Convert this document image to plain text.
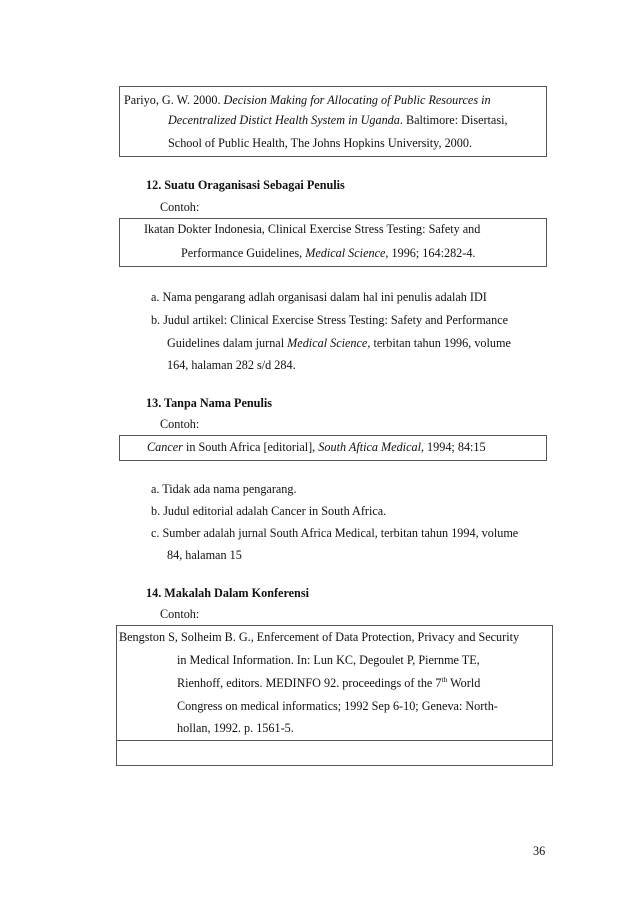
Pariyo, G. W. 2000. Decision Making for Allocating of Public Resources in
Decentralized Distict Health System in Uganda. Baltimore: Disertasi,
School of Public Health, The Johns Hopkins University, 2000.
12. Suatu Oraganisasi Sebagai Penulis
Contoh:
Ikatan Dokter Indonesia, Clinical Exercise Stress Testing: Safety and
Performance Guidelines, Medical Science, 1996; 164:282-4.
a. Nama pengarang adlah organisasi dalam hal ini penulis adalah IDI
b. Judul artikel: Clinical Exercise Stress Testing: Safety and Performance
Guidelines dalam jurnal Medical Science, terbitan tahun 1996, volume
164, halaman 282 s/d 284.
13. Tanpa Nama Penulis
Contoh:
Cancer in South Africa [editorial], South Aftica Medical, 1994; 84:15
a. Tidak ada nama pengarang.
b. Judul editorial adalah Cancer in South Africa.
c. Sumber adalah jurnal South Africa Medical, terbitan tahun 1994, volume
84, halaman 15
14. Makalah Dalam Konferensi
Contoh:
Bengston S, Solheim B. G., Enfercement of Data Protection, Privacy and Security
in Medical Information. In: Lun KC, Degoulet P, Piernme TE,
Rienhoff, editors. MEDINFO 92. proceedings of the 7th World
Congress on medical informatics; 1992 Sep 6-10; Geneva: North-
hollan, 1992. p. 1561-5.
36
